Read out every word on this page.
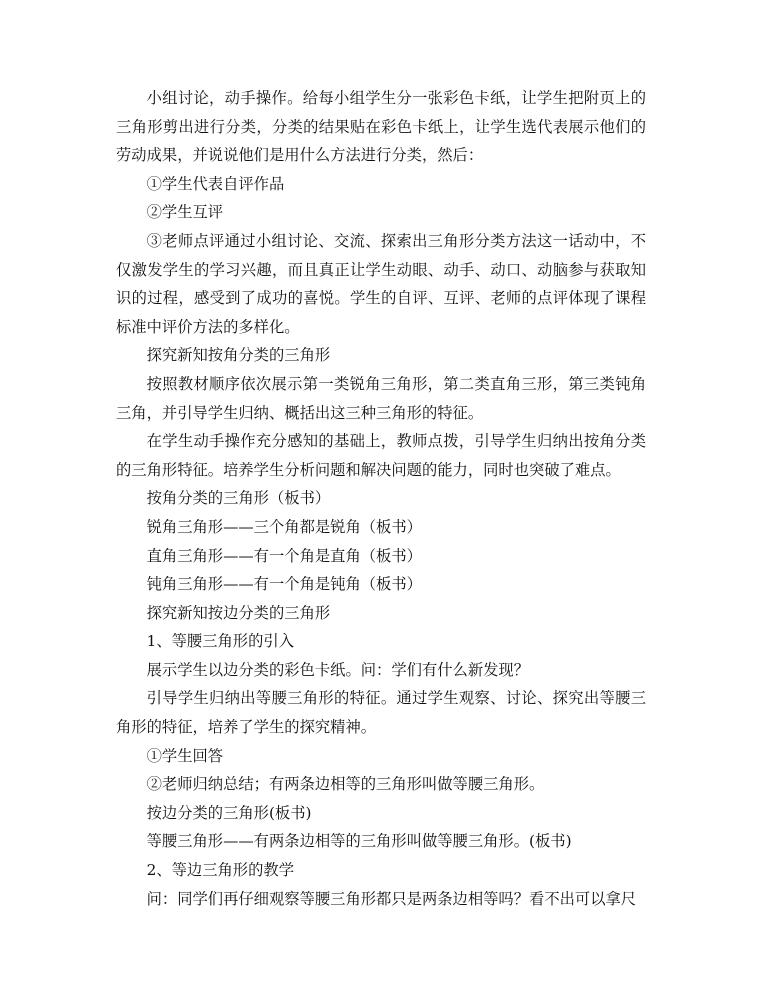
小组讨论，动手操作。给每小组学生分一张彩色卡纸，让学生把附页上的三角形剪出进行分类，分类的结果贴在彩色卡纸上，让学生选代表展示他们的劳动成果，并说说他们是用什么方法进行分类，然后：

①学生代表自评作品

②学生互评

③老师点评通过小组讨论、交流、探索出三角形分类方法这一话动中，不仅激发学生的学习兴趣，而且真正让学生动眼、动手、动口、动脑参与获取知识的过程，感受到了成功的喜悦。学生的自评、互评、老师的点评体现了课程标准中评价方法的多样化。

探究新知按角分类的三角形

按照教材顺序依次展示第一类锐角三角形，第二类直角三形，第三类钝角三角，并引导学生归纳、概括出这三种三角形的特征。

在学生动手操作充分感知的基础上，教师点拨，引导学生归纳出按角分类的三角形特征。培养学生分析问题和解决问题的能力，同时也突破了难点。

按角分类的三角形（板书）

锐角三角形——三个角都是锐角（板书）

直角三角形——有一个角是直角（板书）

钝角三角形——有一个角是钝角（板书）

探究新知按边分类的三角形

1、等腰三角形的引入

展示学生以边分类的彩色卡纸。问：学们有什么新发现？

引导学生归纳出等腰三角形的特征。通过学生观察、讨论、探究出等腰三角形的特征，培养了学生的探究精神。

①学生回答

②老师归纳总结；有两条边相等的三角形叫做等腰三角形。

按边分类的三角形(板书)

等腰三角形——有两条边相等的三角形叫做等腰三角形。(板书)

2、等边三角形的教学

问：同学们再仔细观察等腰三角形都只是两条边相等吗？看不出可以拿尺
